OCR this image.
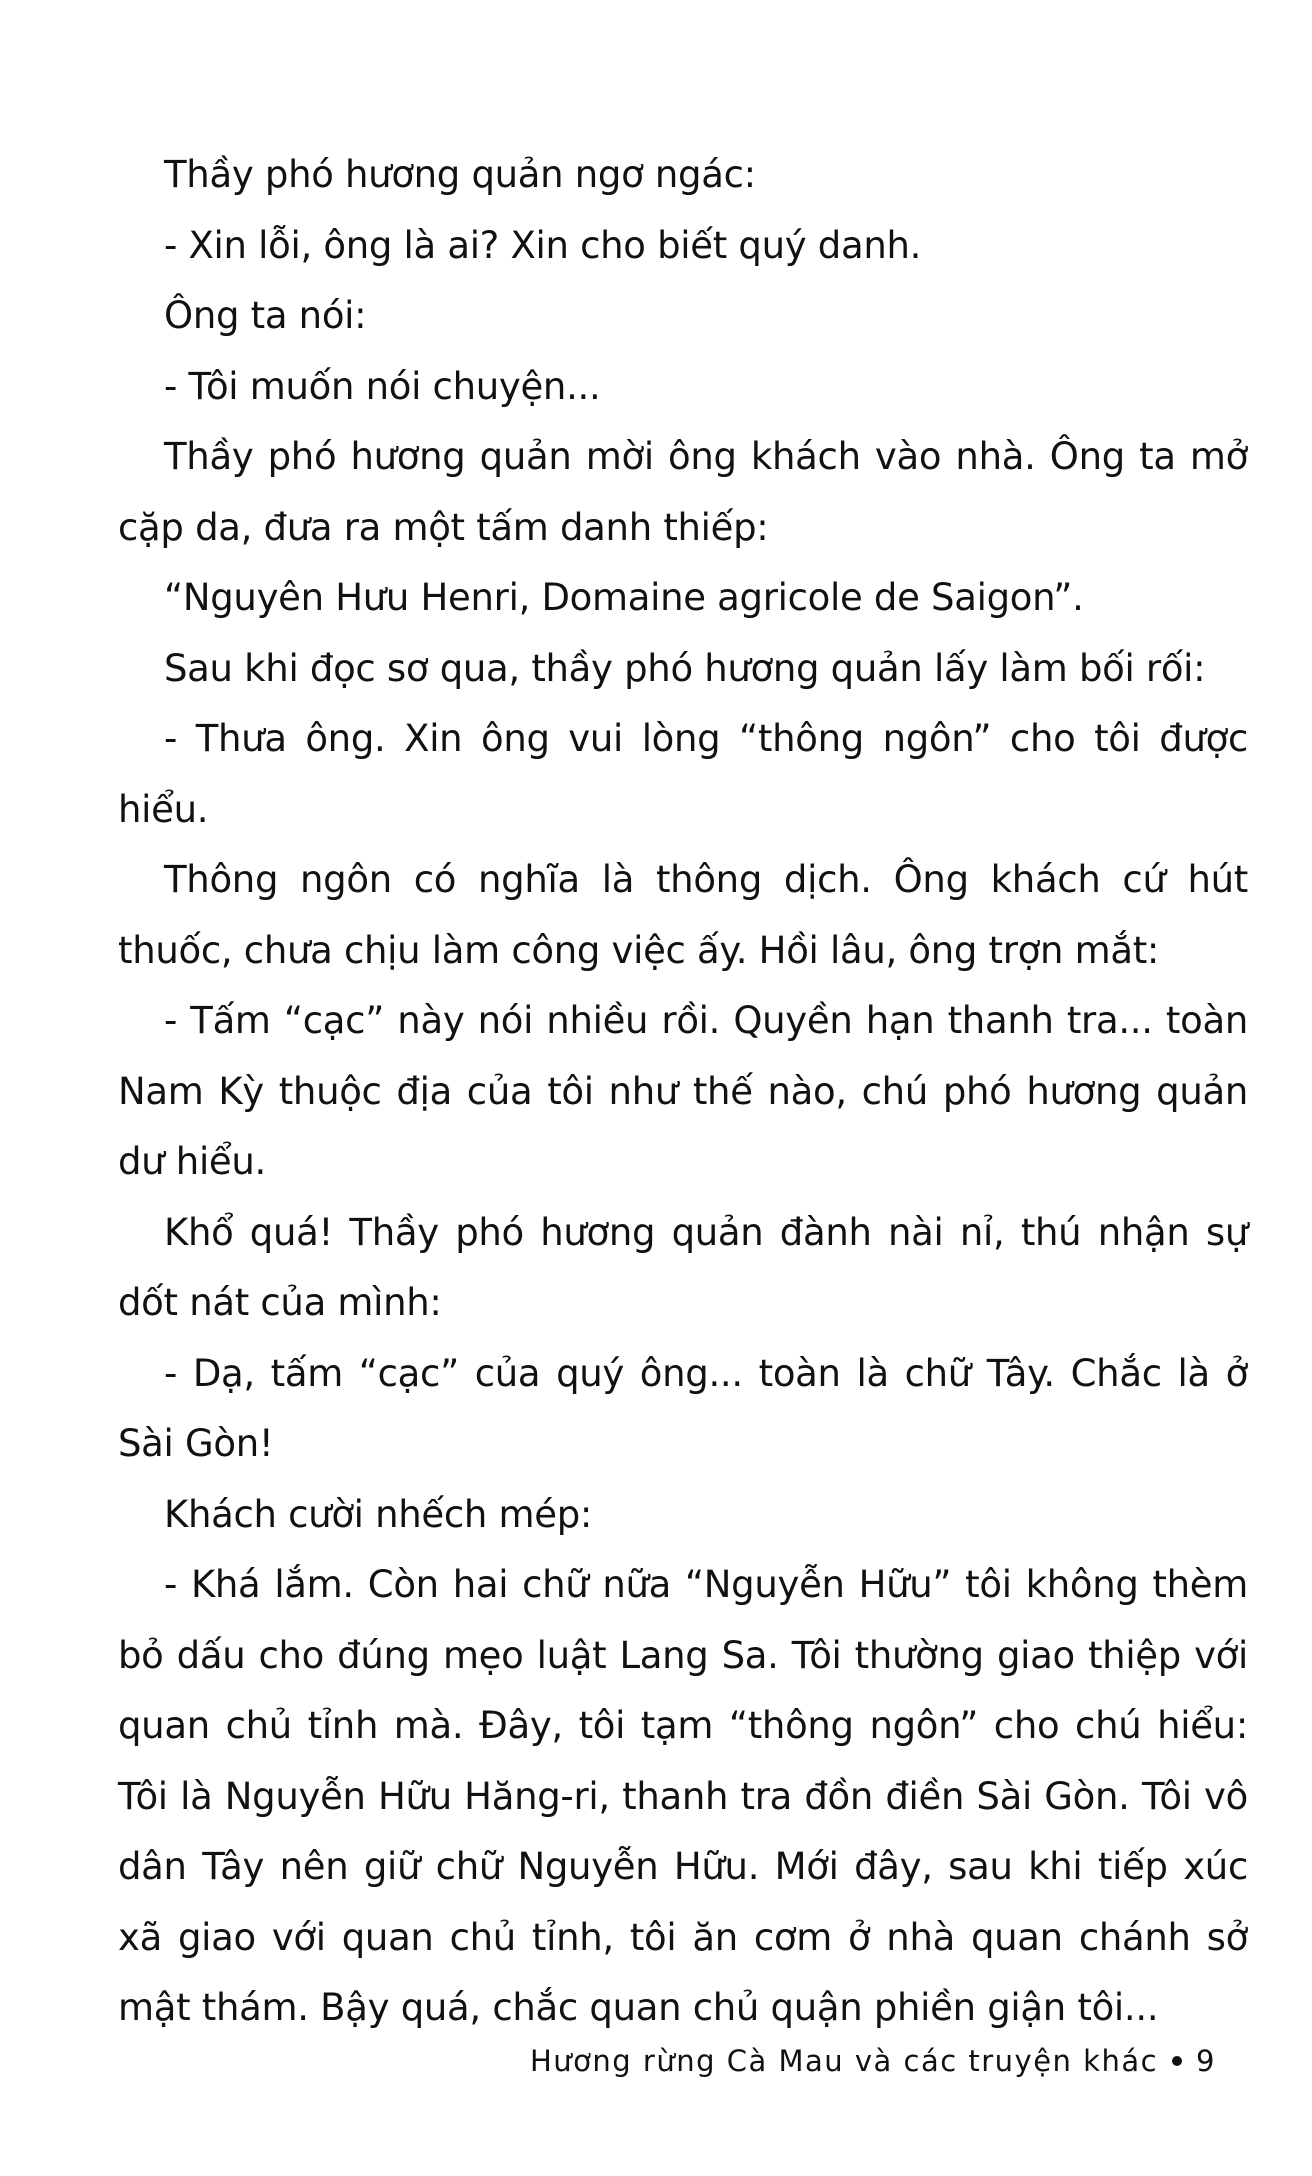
Thầy phó hương quản ngơ ngác:

- Xin lỗi, ông là ai? Xin cho biết quý danh.

Ông ta nói:

- Tôi muốn nói chuyện...

Thầy phó hương quản mời ông khách vào nhà. Ông ta mở cặp da, đưa ra một tấm danh thiếp:

“Nguyên Hưu Henri, Domaine agricole de Saigon”.

Sau khi đọc sơ qua, thầy phó hương quản lấy làm bối rối:

- Thưa ông. Xin ông vui lòng “thông ngôn” cho tôi được hiểu.

Thông ngôn có nghĩa là thông dịch. Ông khách cứ hút thuốc, chưa chịu làm công việc ấy. Hồi lâu, ông trợn mắt:

- Tấm “cạc” này nói nhiều rồi. Quyền hạn thanh tra... toàn Nam Kỳ thuộc địa của tôi như thế nào, chú phó hương quản dư hiểu.

Khổ quá! Thầy phó hương quản đành nài nỉ, thú nhận sự dốt nát của mình:

- Dạ, tấm “cạc” của quý ông... toàn là chữ Tây. Chắc là ở Sài Gòn!

Khách cười nhếch mép:

- Khá lắm. Còn hai chữ nữa “Nguyễn Hữu” tôi không thèm bỏ dấu cho đúng mẹo luật Lang Sa. Tôi thường giao thiệp với quan chủ tỉnh mà. Đây, tôi tạm “thông ngôn” cho chú hiểu: Tôi là Nguyễn Hữu Hăng-ri, thanh tra đồn điền Sài Gòn. Tôi vô dân Tây nên giữ chữ Nguyễn Hữu. Mới đây, sau khi tiếp xúc xã giao với quan chủ tỉnh, tôi ăn cơm ở nhà quan chánh sở mật thám. Bậy quá, chắc quan chủ quận phiền giận tôi...

Hương rừng Cà Mau và các truyện khác 9
